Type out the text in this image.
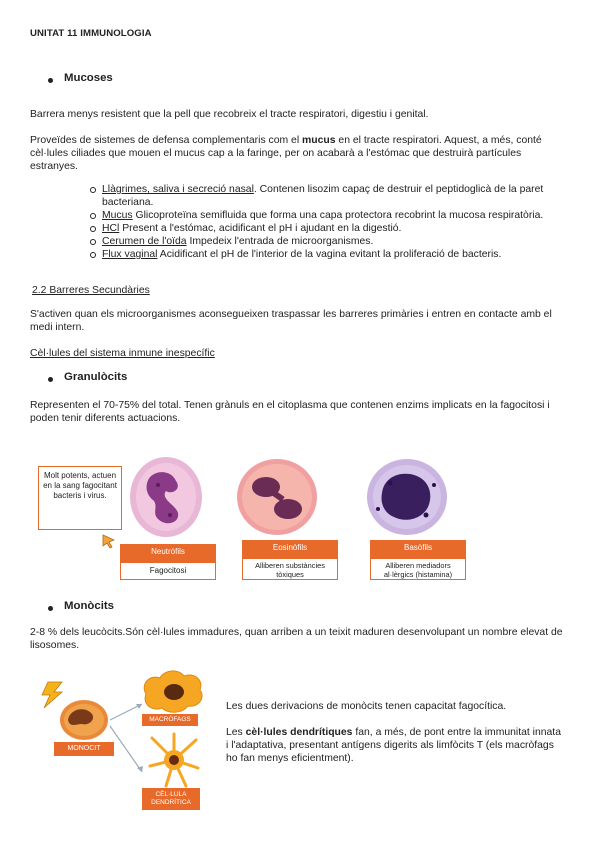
UNITAT 11 IMMUNOLOGIA
Mucoses
Barrera menys resistent que la pell que recobreix el tracte respiratori, digestiu i genital.
Proveïdes de sistemes de defensa complementaris com el mucus en el tracte respiratori. Aquest, a més, conté cèl·lules ciliades que mouen el mucus cap a la faringe, per on acabarà a l'estómac que destruirà partícules estranyes.
Llàgrimes, saliva i secreció nasal. Contenen lisozim capaç de destruir el peptidoglicà de la paret bacteriana.
Mucus Glicoproteïna semifluida que forma una capa protectora recobrint la mucosa respiratòria.
HCl Present a l'estómac, acidificant el pH i ajudant en la digestió.
Cerumen de l'oïda Impedeix l'entrada de microorganismes.
Flux vaginal Acidificant el pH de l'interior de la vagina evitant la proliferació de bacteris.
2.2 Barreres Secundàries
S'activen quan els microorganismes aconsegueixen traspassar les barreres primàries i entren en contacte amb el medi intern.
Cèl·lules del sistema inmune inespecífic
Granulòcits
Representen el 70-75% del total. Tenen grànuls en el citoplasma que contenen enzims implicats en la fagocitosi i poden tenir diferents actuacions.
Molt potents, actuen en la sang fagocitant bacteris i virus.
Neutròfils
Fagocitosi
Eosinòfils
Alliberen substàncies tòxiques
Basòfils
Alliberen mediadors al·lèrgics (histamina)
Monòcits
2-8 % dels leucòcits.Són cèl·lules immadures, quan arriben a un teixit maduren desenvolupant un nombre elevat de lisosomes.
MONOCIT
MACRÒFAGS
CÈL·LULA DENDRÍTICA
Les dues derivacions de monòcits tenen capacitat fagocítica.
Les cèl·lules dendrítiques fan, a més, de pont entre la immunitat innata i l'adaptativa, presentant antígens digerits als limfòcits T (els macròfags ho fan menys eficientment).
